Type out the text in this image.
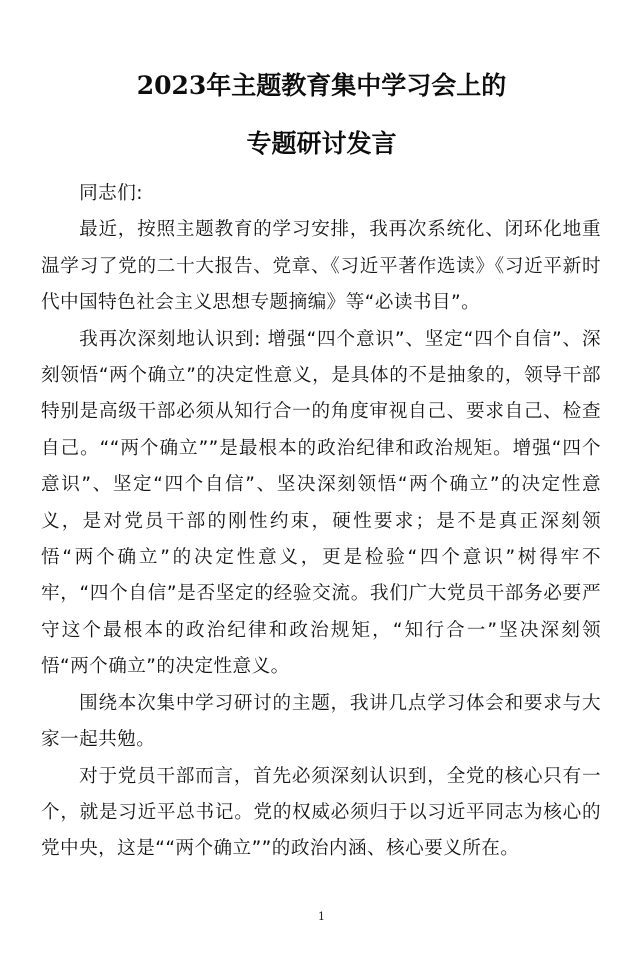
2023年主题教育集中学习会上的
专题研讨发言

同志们:

最近，按照主题教育的学习安排，我再次系统化、闭环化地重温学习了党的二十大报告、党章、《习近平著作选读》《习近平新时代中国特色社会主义思想专题摘编》等“必读书目”。

我再次深刻地认识到: 增强“四个意识”、坚定“四个自信”、深刻领悟“两个确立”的决定性意义，是具体的不是抽象的，领导干部特别是高级干部必须从知行合一的角度审视自己、要求自己、检查自己。““两个确立””是最根本的政治纪律和政治规矩。增强“四个意识”、坚定“四个自信”、坚决深刻领悟“两个确立”的决定性意义，是对党员干部的刚性约束，硬性要求；是不是真正深刻领悟“两个确立”的决定性意义，更是检验“四个意识”树得牢不牢，“四个自信”是否坚定的经验交流。我们广大党员干部务必要严守这个最根本的政治纪律和政治规矩，“知行合一”坚决深刻领悟“两个确立”的决定性意义。

围绕本次集中学习研讨的主题，我讲几点学习体会和要求与大家一起共勉。

对于党员干部而言，首先必须深刻认识到，全党的核心只有一个，就是习近平总书记。党的权威必须归于以习近平同志为核心的党中央，这是““两个确立””的政治内涵、核心要义所在。

1
